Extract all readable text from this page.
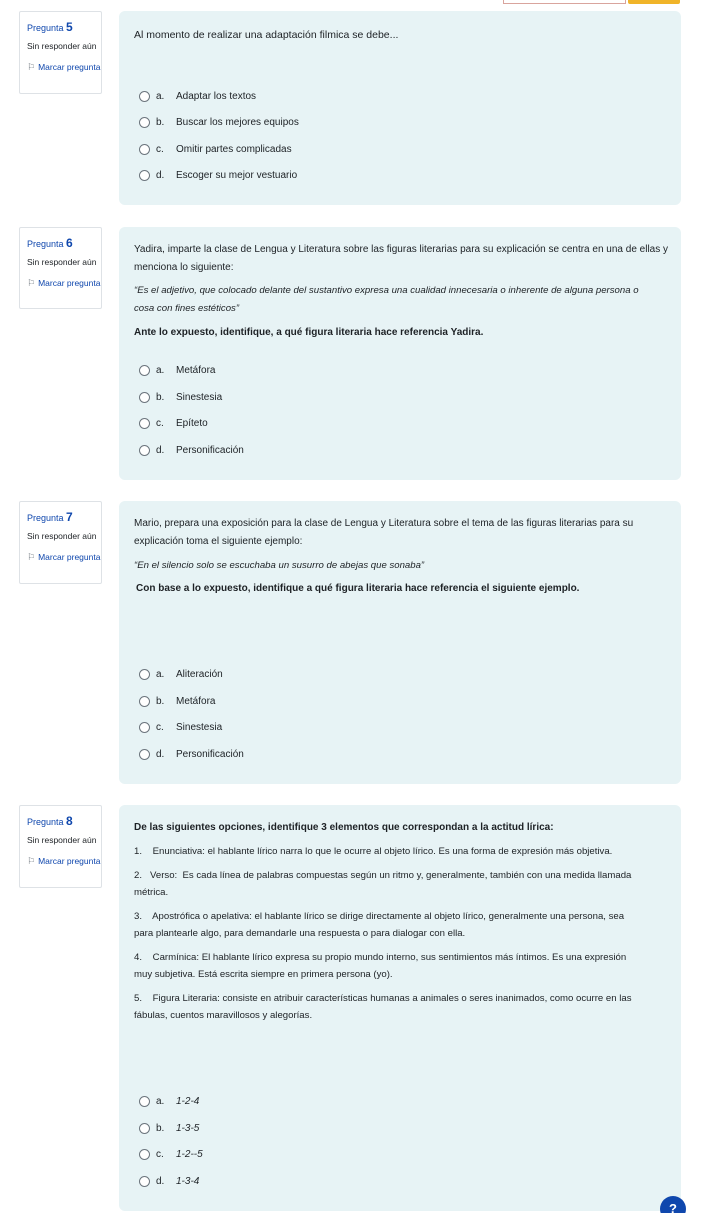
Pregunta 5
Sin responder aún
⚐ Marcar pregunta
Al momento de realizar una adaptación filmica se debe...
a.	Adaptar los textos
b.	Buscar los mejores equipos
c.	Omitir partes complicadas
d.	Escoger su mejor vestuario
Pregunta 6
Sin responder aún
⚐ Marcar pregunta
Yadira, imparte la clase de Lengua y Literatura sobre las figuras literarias para su explicación se centra en una de ellas y
menciona lo siguiente:
“Es el adjetivo, que colocado delante del sustantivo expresa una cualidad innecesaria o inherente de alguna persona o
cosa con fines estéticos”
Ante lo expuesto, identifique, a qué figura literaria hace referencia Yadira.
a.	Metáfora
b.	Sinestesia
c.	Epíteto
d.	Personificación
Pregunta 7
Sin responder aún
⚐ Marcar pregunta
Mario, prepara una exposición para la clase de Lengua y Literatura sobre el tema de las figuras literarias para su
explicación toma el siguiente ejemplo:
“En el silencio solo se escuchaba un susurro de abejas que sonaba”
Con base a lo expuesto, identifique a qué figura literaria hace referencia el siguiente ejemplo.
a.	Aliteración
b.	Metáfora
c.	Sinestesia
d.	Personificación
Pregunta 8
Sin responder aún
⚐ Marcar pregunta
De las siguientes opciones, identifique 3 elementos que correspondan a la actitud lírica:
1.    Enunciativa: el hablante lírico narra lo que le ocurre al objeto lírico. Es una forma de expresión más objetiva.
2.   Verso:  Es cada línea de palabras compuestas según un ritmo y, generalmente, también con una medida llamada
métrica.
3.    Apostrófica o apelativa: el hablante lírico se dirige directamente al objeto lírico, generalmente una persona, sea
para plantearle algo, para demandarle una respuesta o para dialogar con ella.
4.    Carmínica: El hablante lírico expresa su propio mundo interno, sus sentimientos más íntimos. Es una expresión
muy subjetiva. Está escrita siempre en primera persona (yo).
5.    Figura Literaria: consiste en atribuir características humanas a animales o seres inanimados, como ocurre en las
fábulas, cuentos maravillosos y alegorías.
a.	1-2-4
b.	1-3-5
c.	1-2--5
d.	1-3-4
?
